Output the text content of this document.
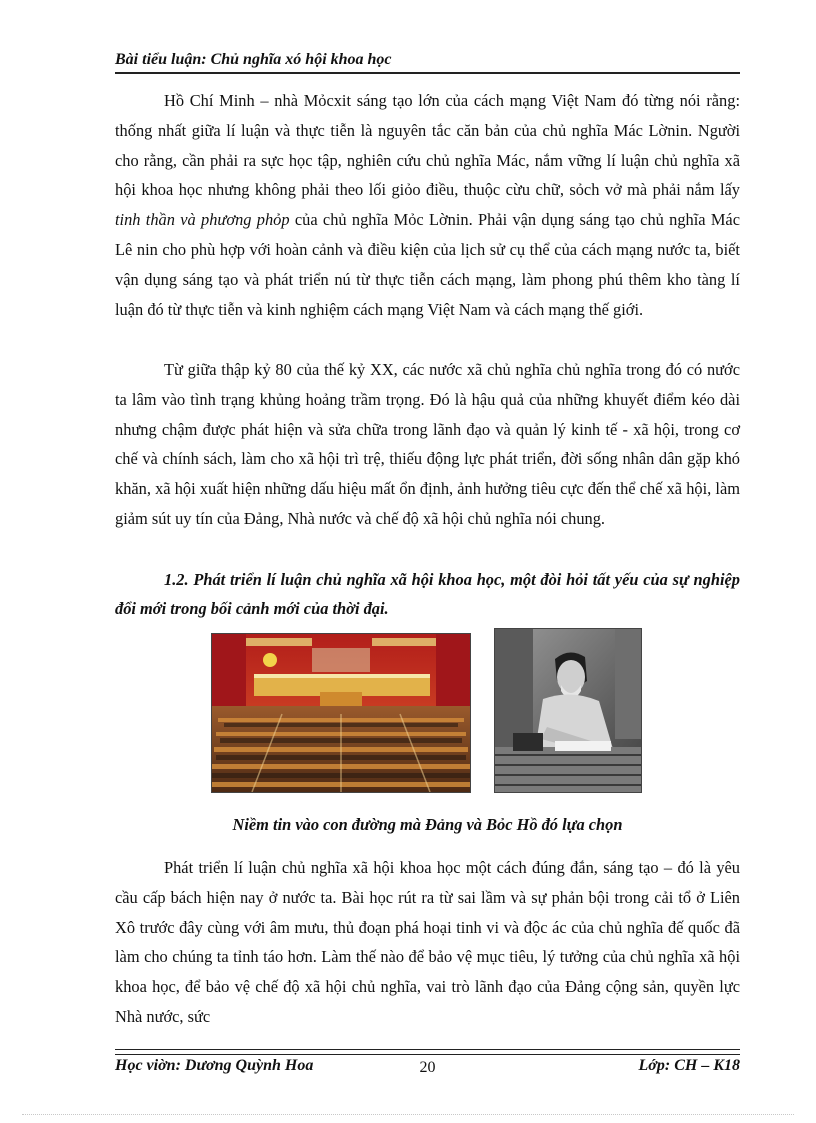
Bài tiểu luận: Chủ nghĩa xó hội khoa học

Hồ Chí Minh – nhà Mỏcxit sáng tạo lớn của cách mạng Việt Nam đó từng nói rằng: thống nhất giữa lí luận và thực tiễn là nguyên tắc căn bản của chủ nghĩa Mác Lờnin. Người cho rằng, cần phải ra sực học tập, nghiên cứu chủ nghĩa Mác, nắm vững lí luận chủ nghĩa xã hội khoa học nhưng không phải theo lối giỏo điều, thuộc cừu chữ, sỏch vở mà phải nắm lấy tinh thần và phương phỏp của chủ nghĩa Mỏc Lờnin. Phải vận dụng sáng tạo chủ nghĩa Mác Lê nin cho phù hợp với hoàn cảnh và điều kiện của lịch sử cụ thể của cách mạng nước ta, biết vận dụng sáng tạo và phát triển nú từ thực tiễn cách mạng, làm phong phú thêm kho tàng lí luận đó từ thực tiễn và kinh nghiệm cách mạng Việt Nam và cách mạng thế giới.

Từ giữa thập kỷ 80 của thế kỷ XX, các nước xã chủ nghĩa chủ nghĩa trong đó có nước ta lâm vào tình trạng khủng hoảng trầm trọng. Đó là hậu quả của những khuyết điểm kéo dài nhưng chậm được phát hiện và sửa chữa trong lãnh đạo và quản lý kinh tế - xã hội, trong cơ chế và chính sách, làm cho xã hội trì trệ, thiếu động lực phát triển, đời sống nhân dân gặp khó khăn, xã hội xuất hiện những dấu hiệu mất ổn định, ảnh hưởng tiêu cực đến thể chế xã hội, làm giảm sút uy tín của Đảng, Nhà nước và chế độ xã hội chủ nghĩa nói chung.

1.2. Phát triển lí luận chủ nghĩa xã hội khoa học, một đòi hỏi tất yếu của sự nghiệp đổi mới trong bối cảnh mới của thời đại.

Niềm tin vào con đường mà Đảng và Bỏc Hồ đó lựa chọn

Phát triển lí luận chủ nghĩa xã hội khoa học một cách đúng đắn, sáng tạo – đó là yêu cầu cấp bách hiện nay ở nước ta. Bài học rút ra từ sai lầm và sự phản bội trong cải tổ ở Liên Xô trước đây cùng với âm mưu, thủ đoạn phá hoại tinh vi và độc ác của chủ nghĩa đế quốc đã làm cho chúng ta tỉnh táo hơn. Làm thế nào để bảo vệ mục tiêu, lý tưởng của chủ nghĩa xã hội khoa học, để bảo vệ chế độ xã hội chủ nghĩa, vai trò lãnh đạo của Đảng cộng sản, quyền lực Nhà nước, sức

Học viờn: Dương Quỳnh Hoa	20	Lớp: CH – K18
